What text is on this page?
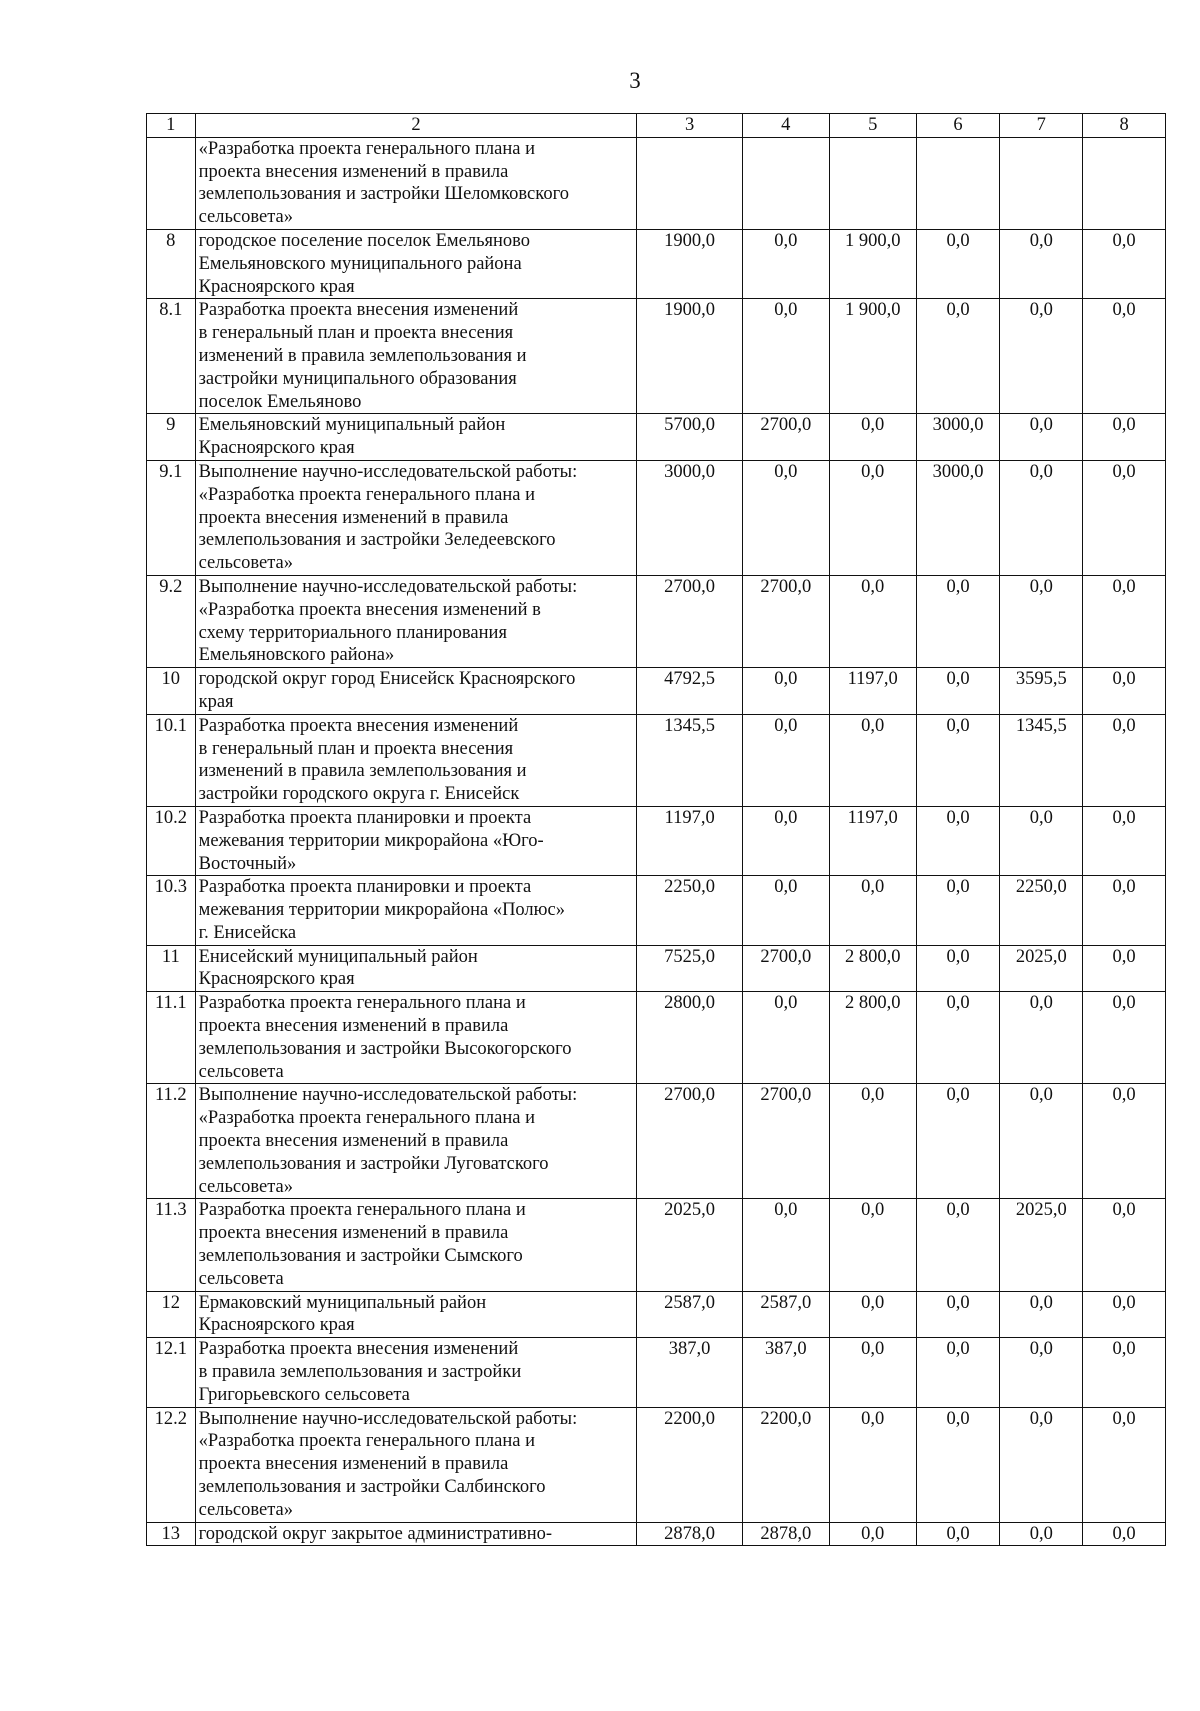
3
1	2	3	4	5	6	7	8
	«Разработка проекта генерального плана и
проекта внесения изменений в правила
землепользования и застройки Шеломковского
сельсовета»						
8	городское поселение поселок Емельяново
Емельяновского муниципального района
Красноярского края	1900,0	0,0	1 900,0	0,0	0,0	0,0
8.1	Разработка проекта внесения изменений
в генеральный план и проекта внесения
изменений в правила землепользования и
застройки муниципального образования
поселок Емельяново	1900,0	0,0	1 900,0	0,0	0,0	0,0
9	Емельяновский муниципальный район
Красноярского края	5700,0	2700,0	0,0	3000,0	0,0	0,0
9.1	Выполнение научно-исследовательской работы:
«Разработка проекта генерального плана и
проекта внесения изменений в правила
землепользования и застройки Зеледеевского
сельсовета»	3000,0	0,0	0,0	3000,0	0,0	0,0
9.2	Выполнение научно-исследовательской работы:
«Разработка проекта внесения изменений в
схему территориального планирования
Емельяновского района»	2700,0	2700,0	0,0	0,0	0,0	0,0
10	городской округ город Енисейск Красноярского
края	4792,5	0,0	1197,0	0,0	3595,5	0,0
10.1	Разработка проекта внесения изменений
в генеральный план и проекта внесения
изменений в правила землепользования и
застройки городского округа г. Енисейск	1345,5	0,0	0,0	0,0	1345,5	0,0
10.2	Разработка проекта планировки и проекта
межевания территории микрорайона «Юго-
Восточный»	1197,0	0,0	1197,0	0,0	0,0	0,0
10.3	Разработка проекта планировки и проекта
межевания территории микрорайона «Полюс»
г. Енисейска	2250,0	0,0	0,0	0,0	2250,0	0,0
11	Енисейский муниципальный район
Красноярского края	7525,0	2700,0	2 800,0	0,0	2025,0	0,0
11.1	Разработка проекта генерального плана и
проекта внесения изменений в правила
землепользования и застройки Высокогорского
сельсовета	2800,0	0,0	2 800,0	0,0	0,0	0,0
11.2	Выполнение научно-исследовательской работы:
«Разработка проекта генерального плана и
проекта внесения изменений в правила
землепользования и застройки Луговатского
сельсовета»	2700,0	2700,0	0,0	0,0	0,0	0,0
11.3	Разработка проекта генерального плана и
проекта внесения изменений в правила
землепользования и застройки Сымского
сельсовета	2025,0	0,0	0,0	0,0	2025,0	0,0
12	Ермаковский муниципальный район
Красноярского края	2587,0	2587,0	0,0	0,0	0,0	0,0
12.1	Разработка проекта внесения изменений
в правила землепользования и застройки
Григорьевского сельсовета	387,0	387,0	0,0	0,0	0,0	0,0
12.2	Выполнение научно-исследовательской работы:
«Разработка проекта генерального плана и
проекта внесения изменений в правила
землепользования и застройки Салбинского
сельсовета»	2200,0	2200,0	0,0	0,0	0,0	0,0
13	городской округ закрытое административно-	2878,0	2878,0	0,0	0,0	0,0	0,0
